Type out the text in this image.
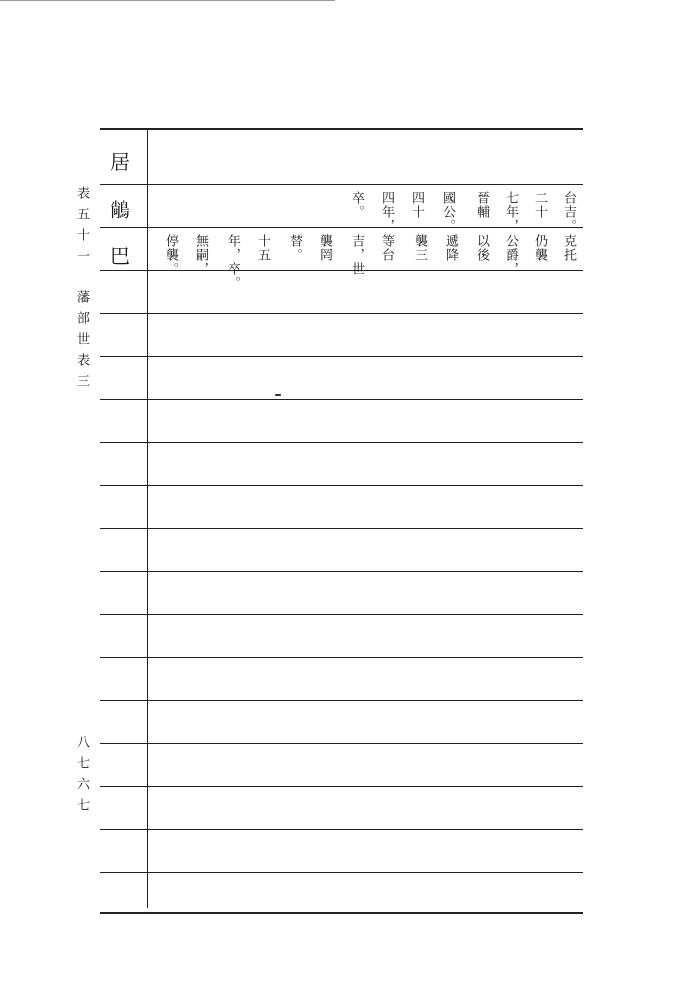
表五十一
藩部世表三
八七六七
居
𪁺
巴
台吉。
二十
七年，
晉輔
國公。
四十
四年，
卒。
克托
仍襲
公爵，
以後
遞降
襲三
等台
吉，世
襲罔
替。
十五
年，卒。
無嗣，
停襲。
